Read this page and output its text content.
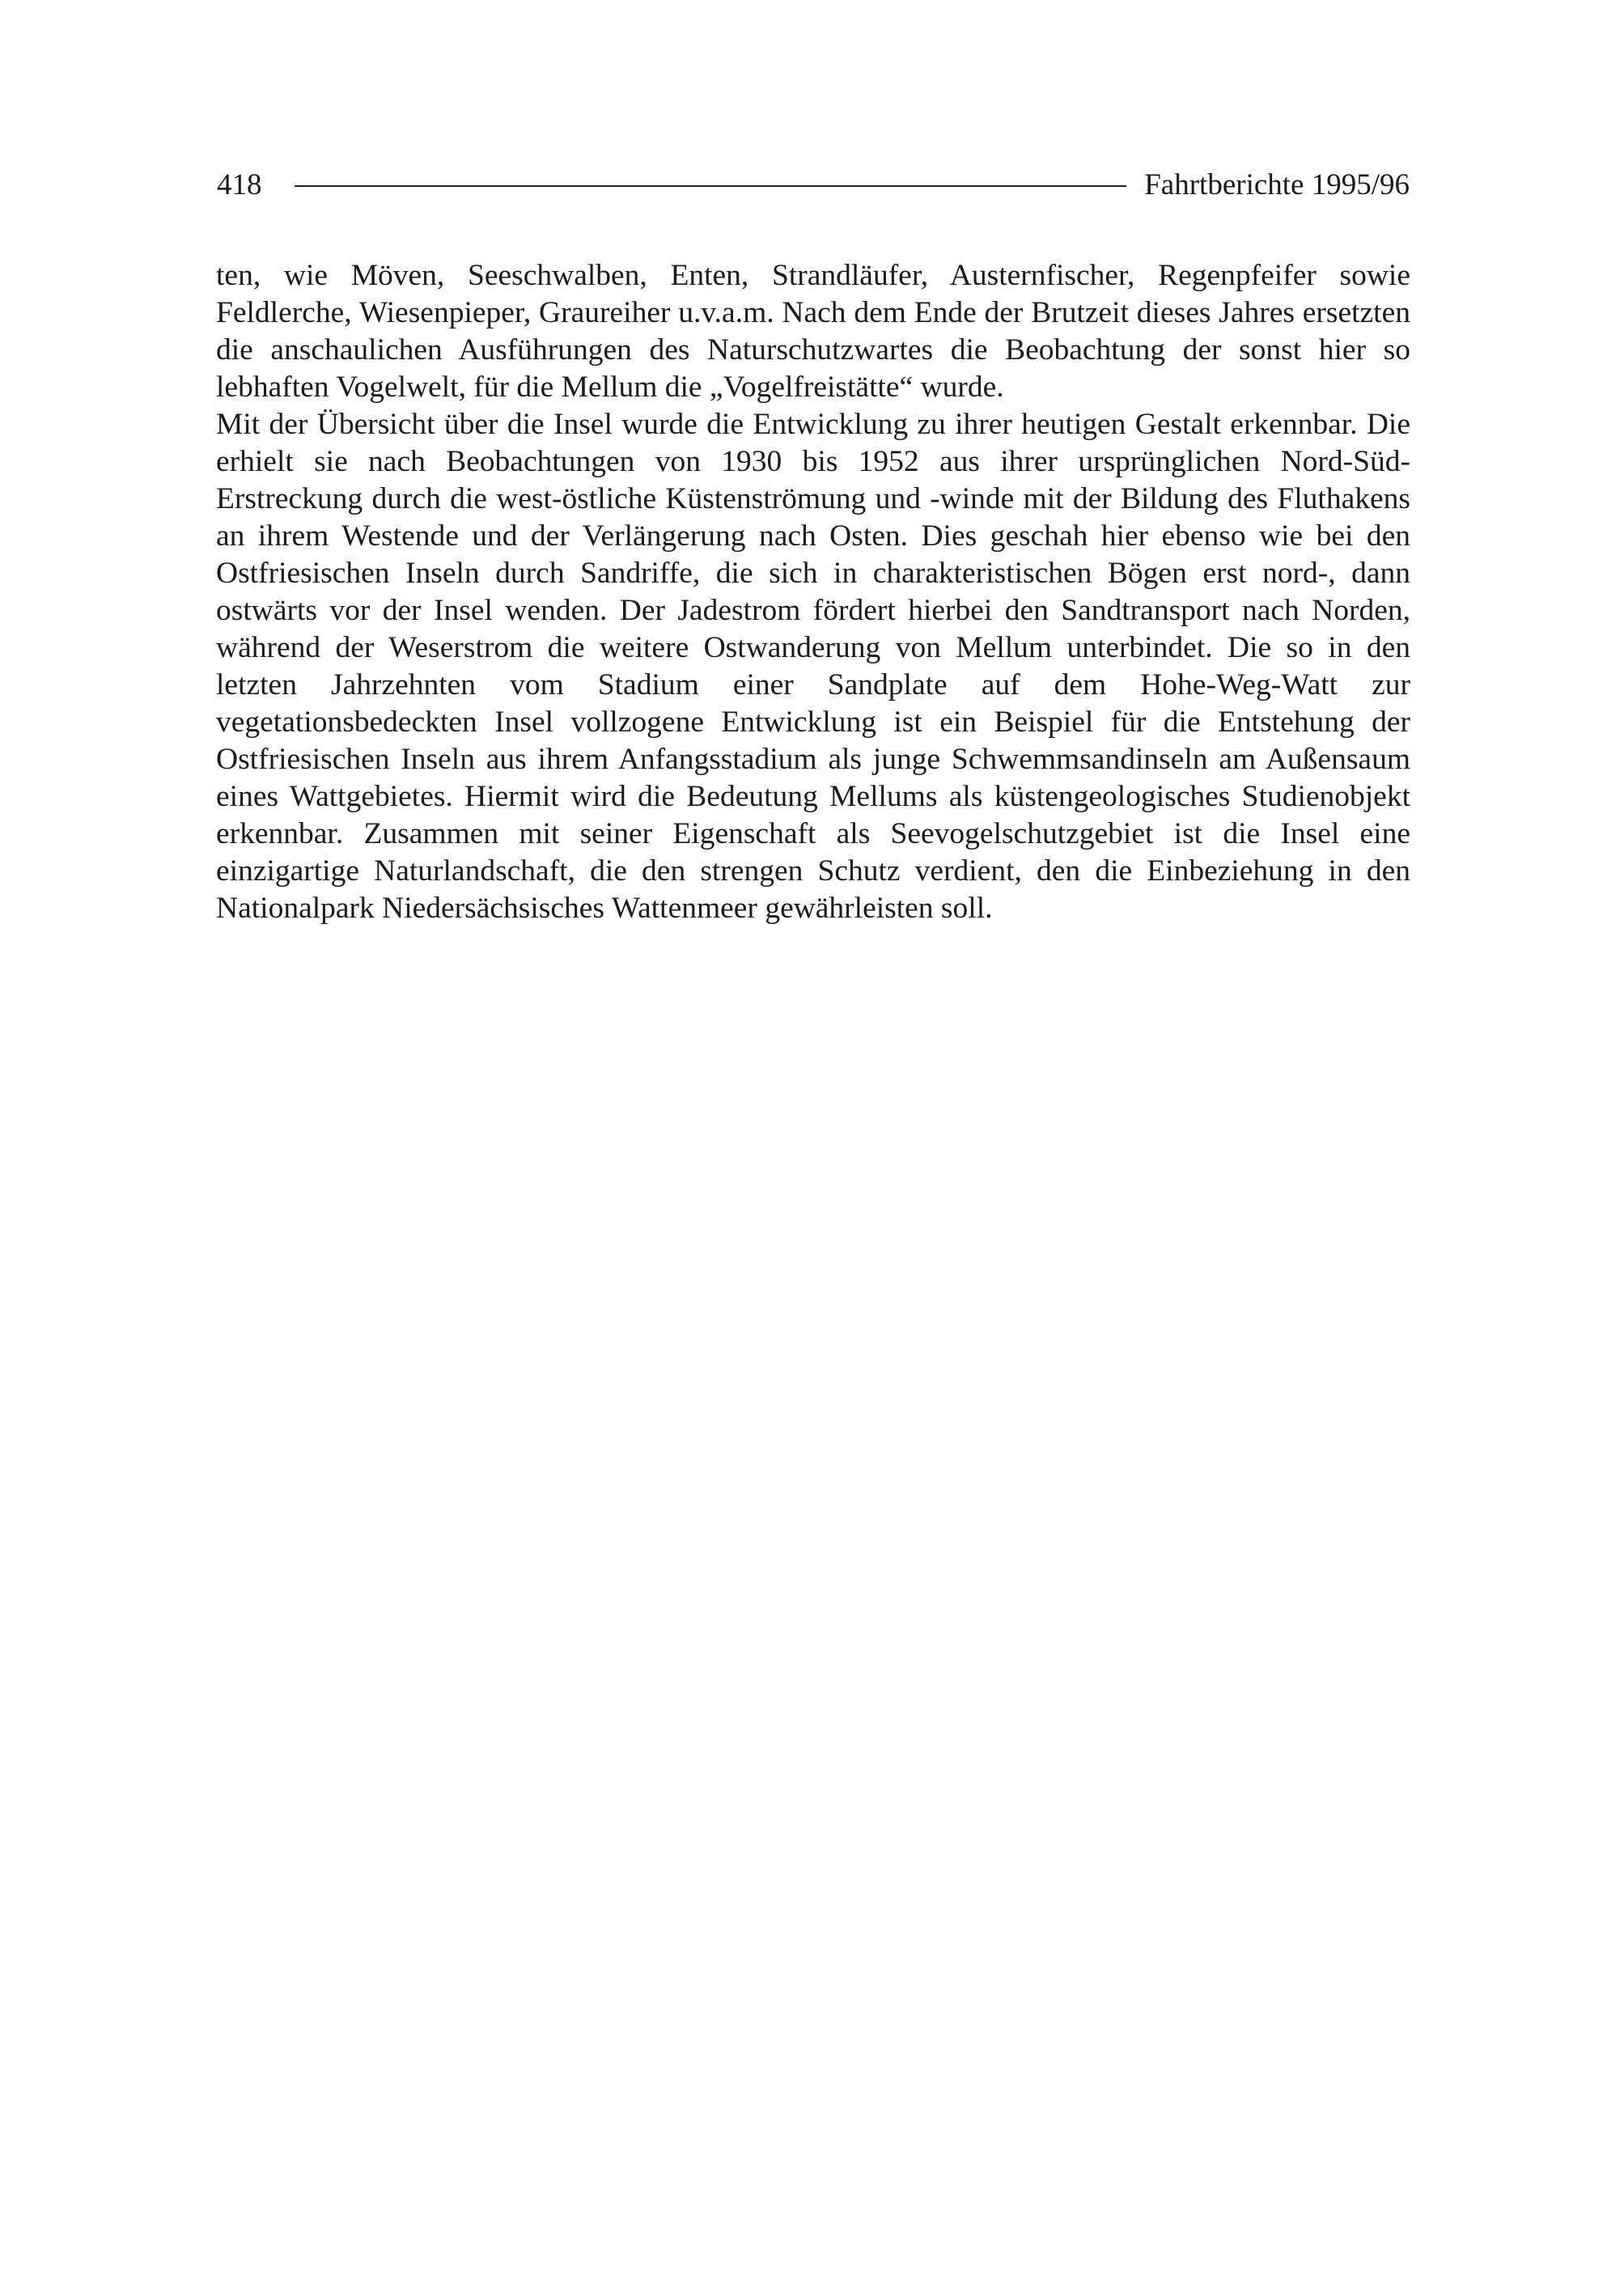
418	Fahrtberichte 1995/96

ten, wie Möven, Seeschwalben, Enten, Strandläufer, Austernfischer, Regenpfeifer sowie Feldlerche, Wiesenpieper, Graureiher u.v.a.m. Nach dem Ende der Brutzeit dieses Jahres ersetzten die anschaulichen Ausführungen des Naturschutzwartes die Beobachtung der sonst hier so lebhaften Vogelwelt, für die Mellum die „Vogelfreistätte“ wurde.

Mit der Übersicht über die Insel wurde die Entwicklung zu ihrer heutigen Gestalt erkennbar. Die erhielt sie nach Beobachtungen von 1930 bis 1952 aus ihrer ursprünglichen Nord-Süd-Erstreckung durch die west-östliche Küstenströmung und -winde mit der Bildung des Fluthakens an ihrem Westende und der Verlängerung nach Osten. Dies geschah hier ebenso wie bei den Ostfriesischen Inseln durch Sandriffe, die sich in charakteristischen Bögen erst nord-, dann ostwärts vor der Insel wenden. Der Jadestrom fördert hierbei den Sandtransport nach Norden, während der Weserstrom die weitere Ostwanderung von Mellum unterbindet. Die so in den letzten Jahrzehnten vom Stadium einer Sandplate auf dem Hohe-Weg-Watt zur vegetationsbedeckten Insel vollzogene Entwicklung ist ein Beispiel für die Entstehung der Ostfriesischen Inseln aus ihrem Anfangsstadium als junge Schwemmsandinseln am Außensaum eines Wattgebietes. Hiermit wird die Bedeutung Mellums als küstengeologisches Studienobjekt erkennbar. Zusammen mit seiner Eigenschaft als Seevogelschutzgebiet ist die Insel eine einzigartige Naturlandschaft, die den strengen Schutz verdient, den die Einbeziehung in den Nationalpark Niedersächsisches Wattenmeer gewährleisten soll.
